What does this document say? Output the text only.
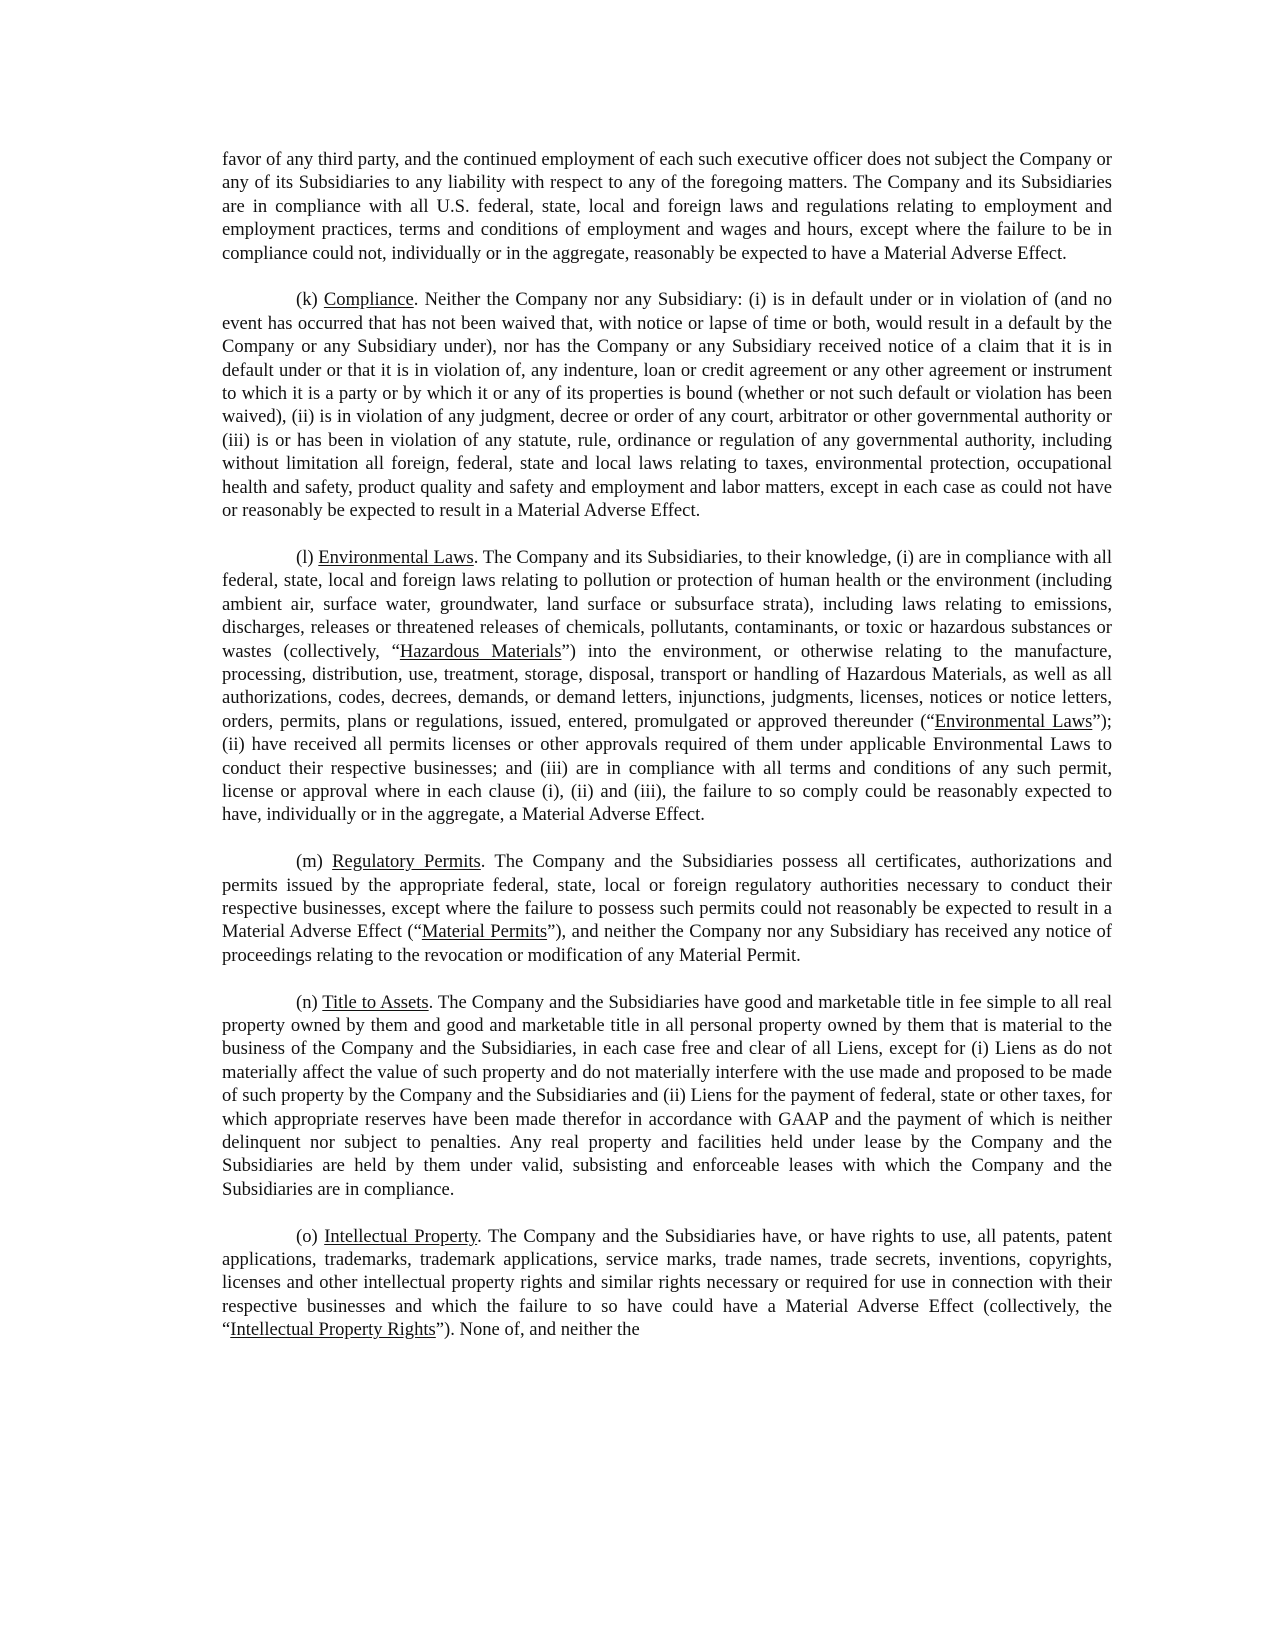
favor of any third party, and the continued employment of each such executive officer does not subject the Company or any of its Subsidiaries to any liability with respect to any of the foregoing matters. The Company and its Subsidiaries are in compliance with all U.S. federal, state, local and foreign laws and regulations relating to employment and employment practices, terms and conditions of employment and wages and hours, except where the failure to be in compliance could not, individually or in the aggregate, reasonably be expected to have a Material Adverse Effect.

(k) Compliance. Neither the Company nor any Subsidiary: (i) is in default under or in violation of (and no event has occurred that has not been waived that, with notice or lapse of time or both, would result in a default by the Company or any Subsidiary under), nor has the Company or any Subsidiary received notice of a claim that it is in default under or that it is in violation of, any indenture, loan or credit agreement or any other agreement or instrument to which it is a party or by which it or any of its properties is bound (whether or not such default or violation has been waived), (ii) is in violation of any judgment, decree or order of any court, arbitrator or other governmental authority or (iii) is or has been in violation of any statute, rule, ordinance or regulation of any governmental authority, including without limitation all foreign, federal, state and local laws relating to taxes, environmental protection, occupational health and safety, product quality and safety and employment and labor matters, except in each case as could not have or reasonably be expected to result in a Material Adverse Effect.

(l) Environmental Laws. The Company and its Subsidiaries, to their knowledge, (i) are in compliance with all federal, state, local and foreign laws relating to pollution or protection of human health or the environment (including ambient air, surface water, groundwater, land surface or subsurface strata), including laws relating to emissions, discharges, releases or threatened releases of chemicals, pollutants, contaminants, or toxic or hazardous substances or wastes (collectively, “Hazardous Materials”) into the environment, or otherwise relating to the manufacture, processing, distribution, use, treatment, storage, disposal, transport or handling of Hazardous Materials, as well as all authorizations, codes, decrees, demands, or demand letters, injunctions, judgments, licenses, notices or notice letters, orders, permits, plans or regulations, issued, entered, promulgated or approved thereunder (“Environmental Laws”); (ii) have received all permits licenses or other approvals required of them under applicable Environmental Laws to conduct their respective businesses; and (iii) are in compliance with all terms and conditions of any such permit, license or approval where in each clause (i), (ii) and (iii), the failure to so comply could be reasonably expected to have, individually or in the aggregate, a Material Adverse Effect.

(m) Regulatory Permits. The Company and the Subsidiaries possess all certificates, authorizations and permits issued by the appropriate federal, state, local or foreign regulatory authorities necessary to conduct their respective businesses, except where the failure to possess such permits could not reasonably be expected to result in a Material Adverse Effect (“Material Permits”), and neither the Company nor any Subsidiary has received any notice of proceedings relating to the revocation or modification of any Material Permit.

(n) Title to Assets. The Company and the Subsidiaries have good and marketable title in fee simple to all real property owned by them and good and marketable title in all personal property owned by them that is material to the business of the Company and the Subsidiaries, in each case free and clear of all Liens, except for (i) Liens as do not materially affect the value of such property and do not materially interfere with the use made and proposed to be made of such property by the Company and the Subsidiaries and (ii) Liens for the payment of federal, state or other taxes, for which appropriate reserves have been made therefor in accordance with GAAP and the payment of which is neither delinquent nor subject to penalties. Any real property and facilities held under lease by the Company and the Subsidiaries are held by them under valid, subsisting and enforceable leases with which the Company and the Subsidiaries are in compliance.

(o) Intellectual Property. The Company and the Subsidiaries have, or have rights to use, all patents, patent applications, trademarks, trademark applications, service marks, trade names, trade secrets, inventions, copyrights, licenses and other intellectual property rights and similar rights necessary or required for use in connection with their respective businesses and which the failure to so have could have a Material Adverse Effect (collectively, the “Intellectual Property Rights”). None of, and neither the
